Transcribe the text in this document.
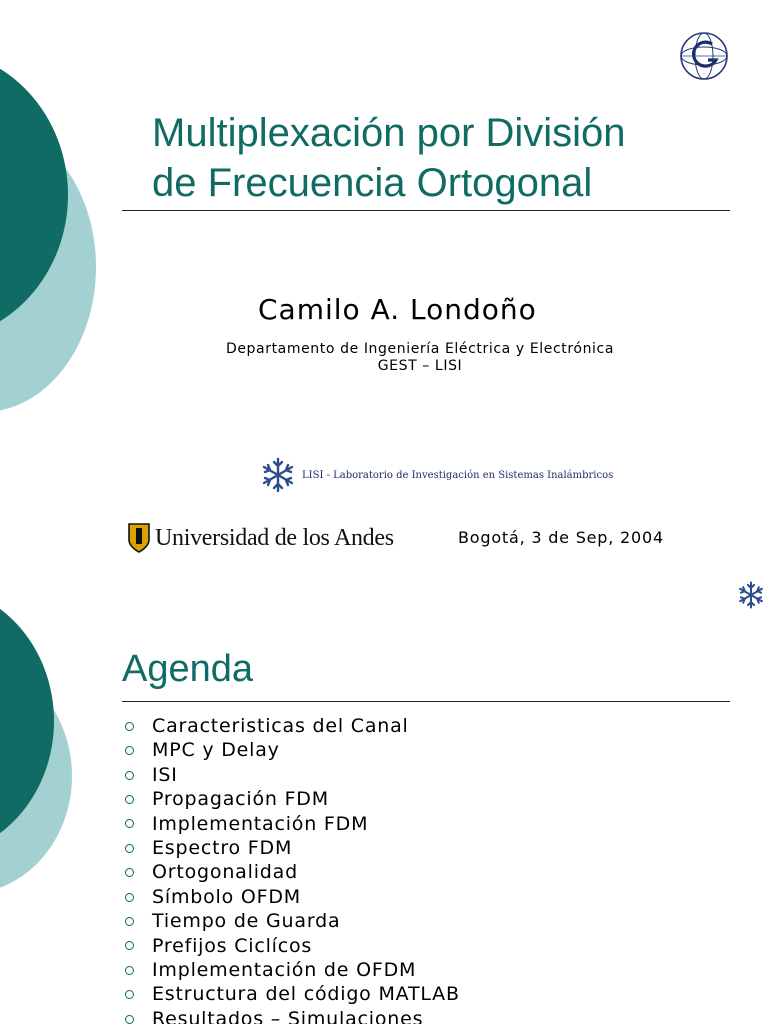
Multiplexación por División
de Frecuencia Ortogonal
Camilo A. Londoño
Departamento de Ingeniería Eléctrica y Electrónica
GEST – LISI
LISI - Laboratorio de Investigación en Sistemas Inalámbricos
Universidad de los Andes	Bogotá, 3 de Sep, 2004
Agenda
Caracteristicas del Canal
MPC y Delay
ISI
Propagación FDM
Implementación FDM
Espectro FDM
Ortogonalidad
Símbolo OFDM
Tiempo de Guarda
Prefijos Ciclícos
Implementación de OFDM
Estructura del código MATLAB
Resultados – Simulaciones
